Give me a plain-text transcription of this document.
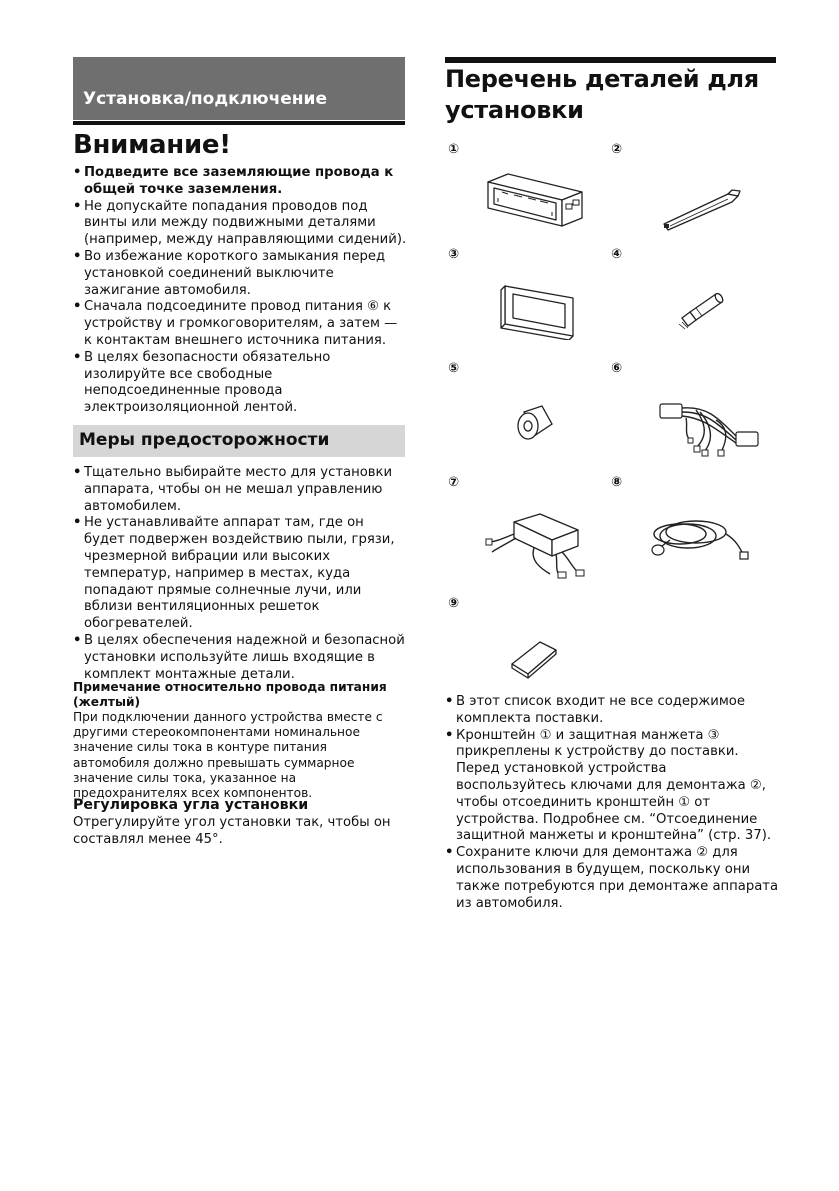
Установка/подключение
Внимание!
• Подведите все заземляющие провода к общей точке заземления.
• Не допускайте попадания проводов под винты или между подвижными деталями (например, между направляющими сидений).
• Во избежание короткого замыкания перед установкой соединений выключите зажигание автомобиля.
• Сначала подсоедините провод питания ⑥ к устройству и громкоговорителям, а затем — к контактам внешнего источника питания.
• В целях безопасности обязательно изолируйте все свободные неподсоединенные провода электроизоляционной лентой.
Меры предосторожности
• Тщательно выбирайте место для установки аппарата, чтобы он не мешал управлению автомобилем.
• Не устанавливайте аппарат там, где он будет подвержен воздействию пыли, грязи, чрезмерной вибрации или высоких температур, например в местах, куда попадают прямые солнечные лучи, или вблизи вентиляционных решеток обогревателей.
• В целях обеспечения надежной и безопасной установки используйте лишь входящие в комплект монтажные детали.
Примечание относительно провода питания (желтый)
При подключении данного устройства вместе с другими стереокомпонентами номинальное значение силы тока в контуре питания автомобиля должно превышать суммарное значение силы тока, указанное на предохранителях всех компонентов.
Регулировка угла установки
Отрегулируйте угол установки так, чтобы он составлял менее 45°.
Перечень деталей для установки
①	②
③	④
⑤	⑥
⑦	⑧
⑨
• В этот список входит не все содержимое комплекта поставки.
• Кронштейн ① и защитная манжета ③ прикреплены к устройству до поставки. Перед установкой устройства воспользуйтесь ключами для демонтажа ②, чтобы отсоединить кронштейн ① от устройства. Подробнее см. “Отсоединение защитной манжеты и кронштейна” (стр. 37).
• Сохраните ключи для демонтажа ② для использования в будущем, поскольку они также потребуются при демонтаже аппарата из автомобиля.
